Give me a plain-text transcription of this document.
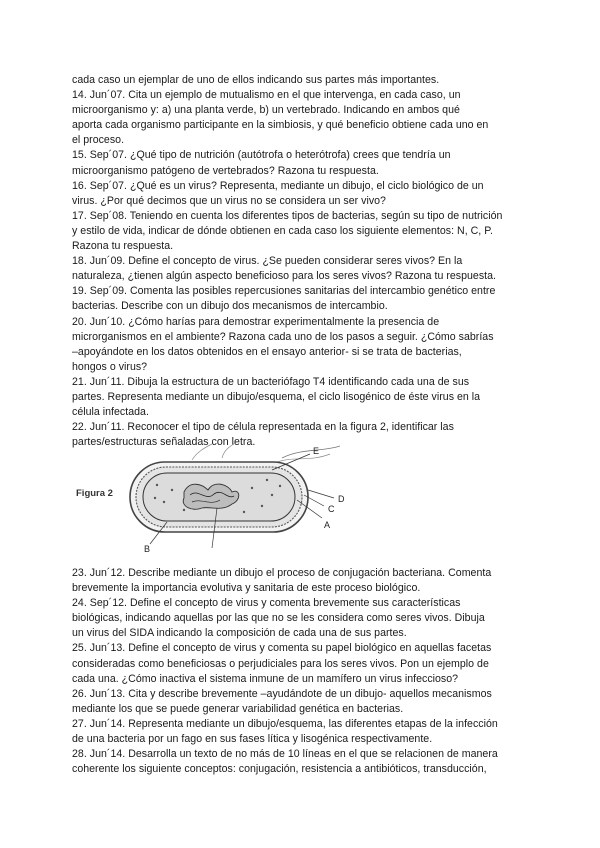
cada caso un ejemplar de uno de ellos indicando sus partes más importantes.
14. Jun´07. Cita un ejemplo de mutualismo en el que intervenga, en cada caso, un
microorganismo y: a) una planta verde, b) un vertebrado. Indicando en ambos qué
aporta cada organismo participante en la simbiosis, y qué beneficio obtiene cada uno en
el proceso.
15. Sep´07. ¿Qué tipo de nutrición (autótrofa o heterótrofa) crees que tendría un
microorganismo patógeno de vertebrados? Razona tu respuesta.
16. Sep´07. ¿Qué es un virus? Representa, mediante un dibujo, el ciclo biológico de un
virus. ¿Por qué decimos que un virus no se considera un ser vivo?
17. Sep´08. Teniendo en cuenta los diferentes tipos de bacterias, según su tipo de nutrición
y estilo de vida, indicar de dónde obtienen en cada caso los siguiente elementos: N, C, P.
Razona tu respuesta.
18. Jun´09. Define el concepto de virus. ¿Se pueden considerar seres vivos? En la
naturaleza, ¿tienen algún aspecto beneficioso para los seres vivos? Razona tu respuesta.
19. Sep´09. Comenta las posibles repercusiones sanitarias del intercambio genético entre
bacterias. Describe con un dibujo dos mecanismos de intercambio.
20. Jun´10. ¿Cómo harías para demostrar experimentalmente la presencia de
microrganismos en el ambiente? Razona cada uno de los pasos a seguir. ¿Cómo sabrías
–apoyándote en los datos obtenidos en el ensayo anterior- si se trata de bacterias,
hongos o virus?
21. Jun´11. Dibuja la estructura de un bacteriófago T4 identificando cada una de sus
partes. Representa mediante un dibujo/esquema, el ciclo lisogénico de éste virus en la
célula infectada.
22. Jun´11. Reconocer el tipo de célula representada en la figura 2, identificar las
partes/estructuras señaladas con letra.
Figura 2
E
D
C
A
B
23. Jun´12. Describe mediante un dibujo el proceso de conjugación bacteriana. Comenta
brevemente la importancia evolutiva y sanitaria de este proceso biológico.
24. Sep´12. Define el concepto de virus y comenta brevemente sus características
biológicas, indicando aquellas por las que no se les considera como seres vivos. Dibuja
un virus del SIDA indicando la composición de cada una de sus partes.
25. Jun´13. Define el concepto de virus y comenta su papel biológico en aquellas facetas
consideradas como beneficiosas o perjudiciales para los seres vivos. Pon un ejemplo de
cada una. ¿Cómo inactiva el sistema inmune de un mamífero un virus infeccioso?
26. Jun´13. Cita y describe brevemente –ayudándote de un dibujo- aquellos mecanismos
mediante los que se puede generar variabilidad genética en bacterias.
27. Jun´14. Representa mediante un dibujo/esquema, las diferentes etapas de la infección
de una bacteria por un fago en sus fases lítica y lisogénica respectivamente.
28. Jun´14. Desarrolla un texto de no más de 10 líneas en el que se relacionen de manera
coherente los siguiente conceptos: conjugación, resistencia a antibióticos, transducción,
